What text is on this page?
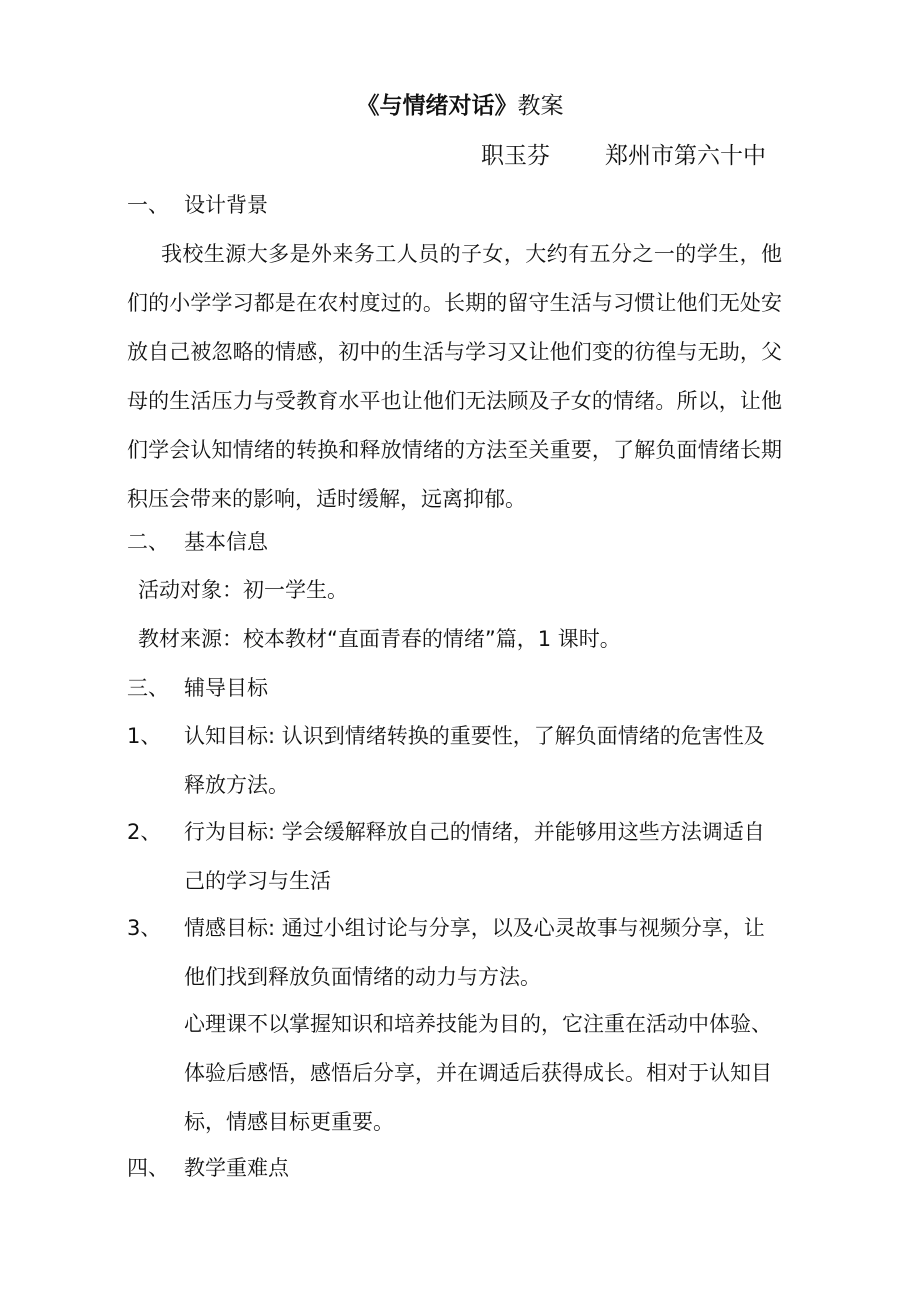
《与情绪对话》教案
职玉芬 郑州市第六十中
一、 设计背景
我校生源大多是外来务工人员的子女，大约有五分之一的学生，他们的小学学习都是在农村度过的。长期的留守生活与习惯让他们无处安放自己被忽略的情感，初中的生活与学习又让他们变的彷徨与无助，父母的生活压力与受教育水平也让他们无法顾及子女的情绪。所以，让他们学会认知情绪的转换和释放情绪的方法至关重要，了解负面情绪长期积压会带来的影响，适时缓解，远离抑郁。
二、 基本信息
活动对象：初一学生。
教材来源：校本教材“直面青春的情绪”篇，1 课时。
三、 辅导目标
1、 认知目标: 认识到情绪转换的重要性，了解负面情绪的危害性及释放方法。
2、 行为目标: 学会缓解释放自己的情绪，并能够用这些方法调适自己的学习与生活
3、 情感目标: 通过小组讨论与分享，以及心灵故事与视频分享，让他们找到释放负面情绪的动力与方法。
心理课不以掌握知识和培养技能为目的，它注重在活动中体验、体验后感悟，感悟后分享，并在调适后获得成长。相对于认知目标，情感目标更重要。
四、 教学重难点
